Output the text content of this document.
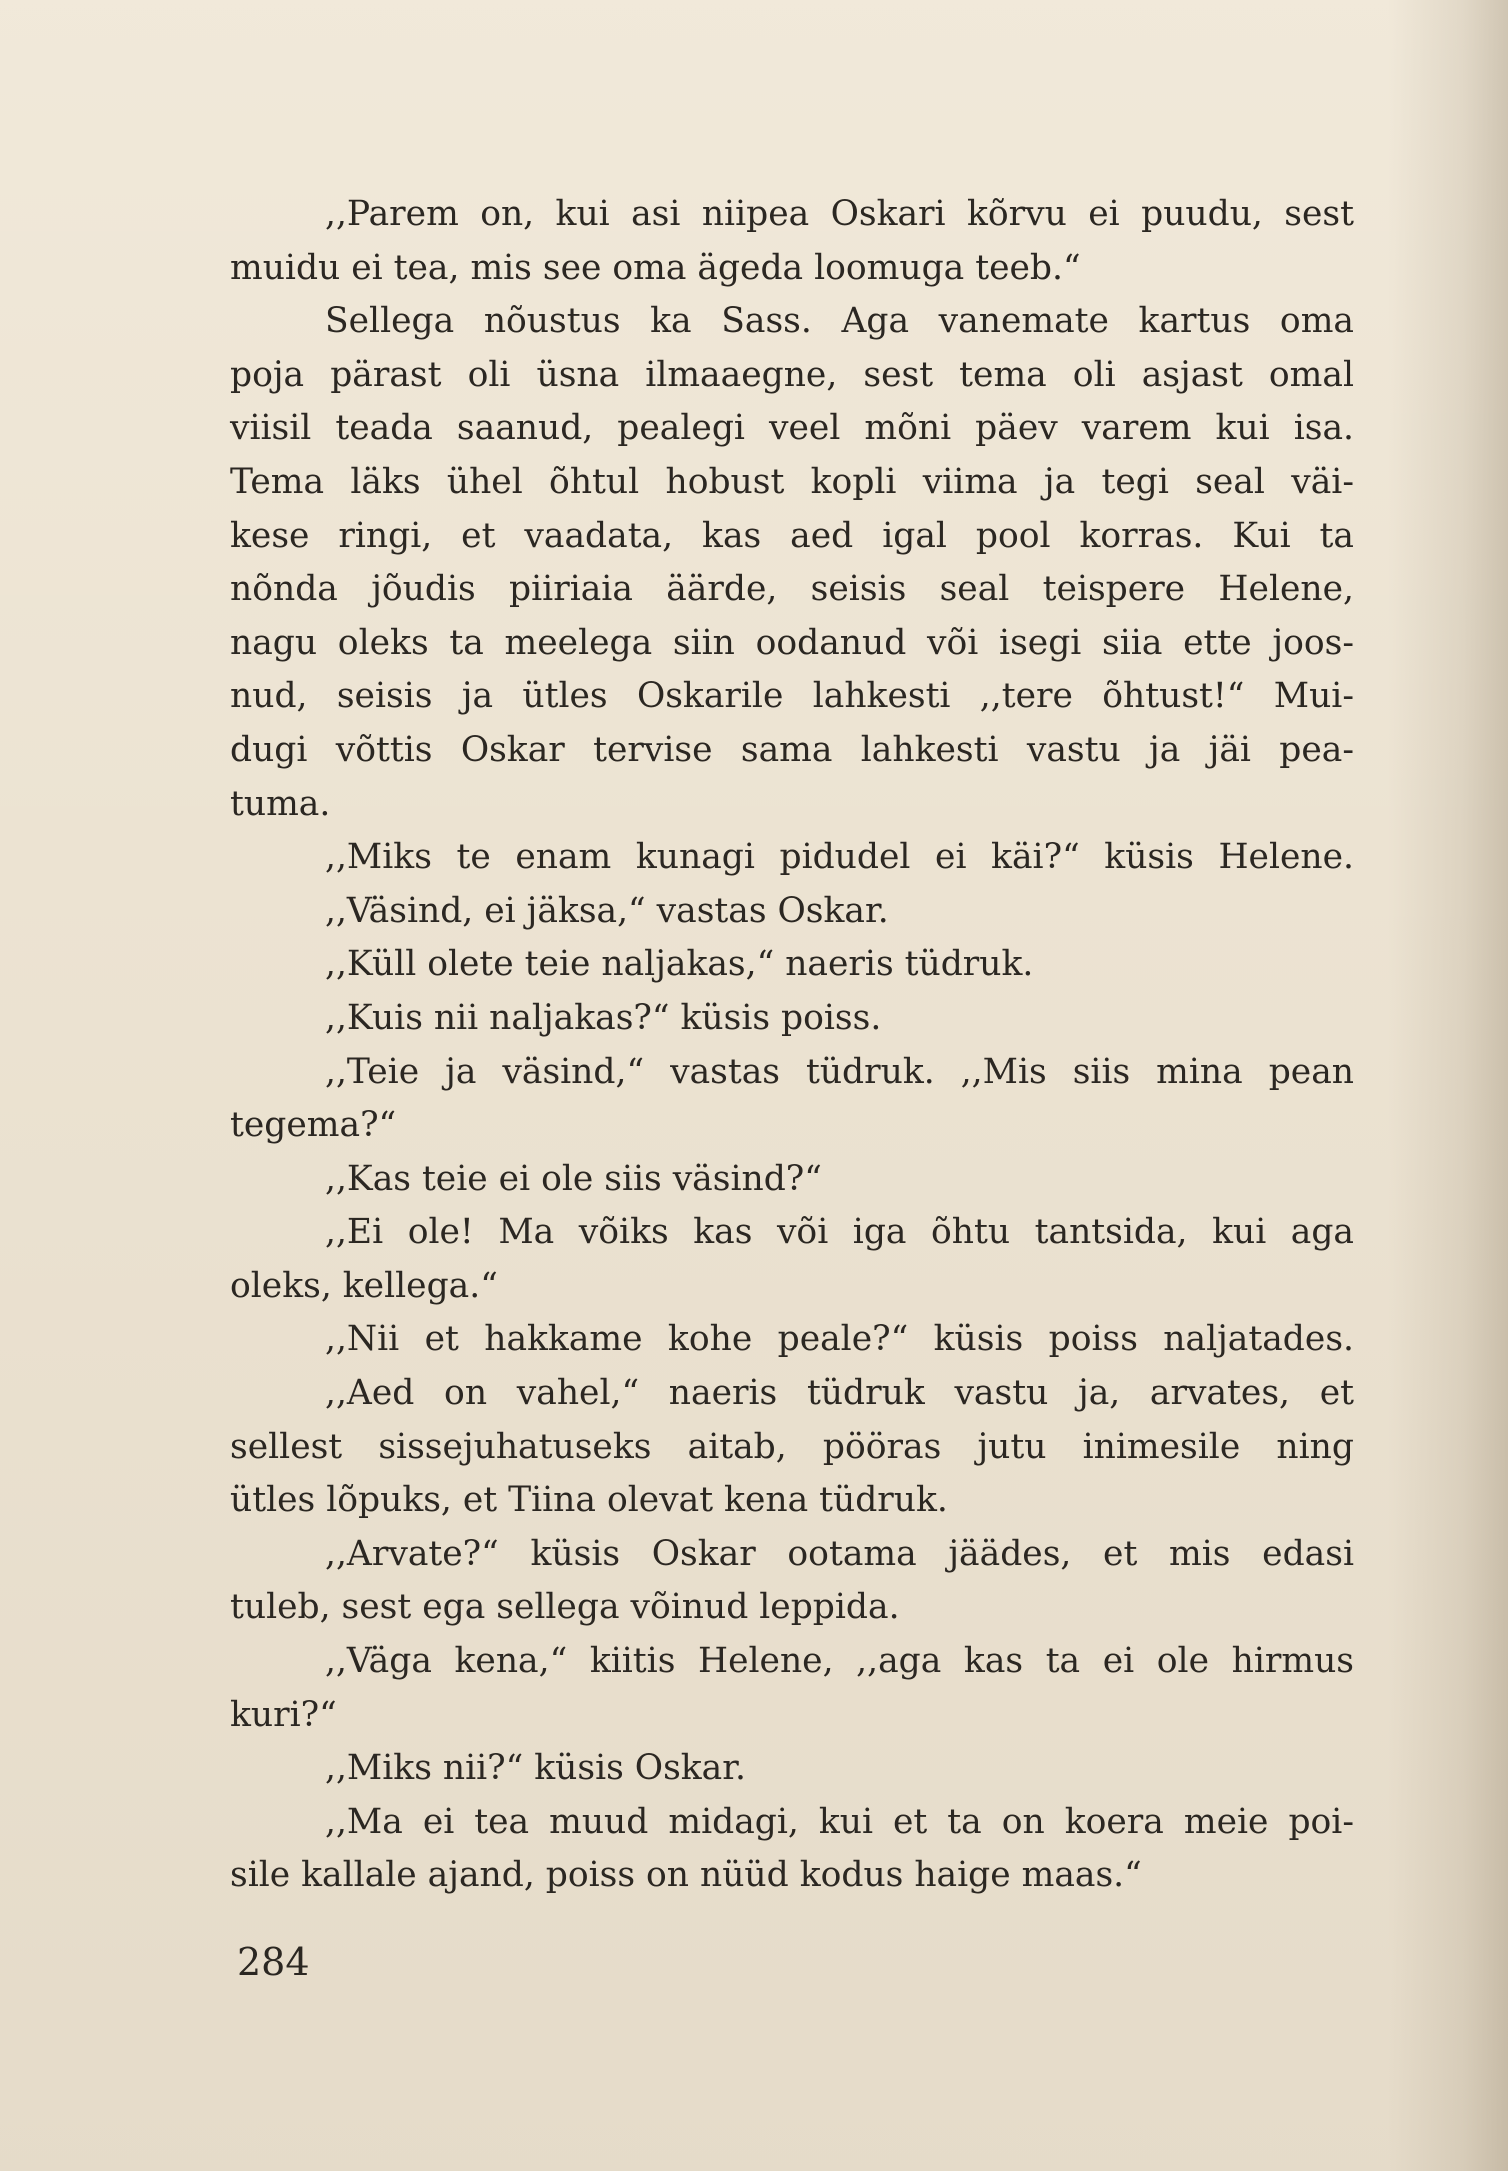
,,Parem on, kui asi niipea Oskari kõrvu ei puudu, sest
muidu ei tea, mis see oma ägeda loomuga teeb.“
Sellega nõustus ka Sass. Aga vanemate kartus oma
poja pärast oli üsna ilmaaegne, sest tema oli asjast omal
viisil teada saanud, pealegi veel mõni päev varem kui isa.
Tema läks ühel õhtul hobust kopli viima ja tegi seal väi-
kese ringi, et vaadata, kas aed igal pool korras. Kui ta
nõnda jõudis piiriaia äärde, seisis seal teispere Helene,
nagu oleks ta meelega siin oodanud või isegi siia ette joos-
nud, seisis ja ütles Oskarile lahkesti ,,tere õhtust!“ Mui-
dugi võttis Oskar tervise sama lahkesti vastu ja jäi pea-
tuma.
,,Miks te enam kunagi pidudel ei käi?“ küsis Helene.
,,Väsind, ei jäksa,“ vastas Oskar.
,,Küll olete teie naljakas,“ naeris tüdruk.
,,Kuis nii naljakas?“ küsis poiss.
,,Teie ja väsind,“ vastas tüdruk. ,,Mis siis mina pean
tegema?“
,,Kas teie ei ole siis väsind?“
,,Ei ole! Ma võiks kas või iga õhtu tantsida, kui aga
oleks, kellega.“
,,Nii et hakkame kohe peale?“ küsis poiss naljatades.
,,Aed on vahel,“ naeris tüdruk vastu ja, arvates, et
sellest sissejuhatuseks aitab, pööras jutu inimesile ning
ütles lõpuks, et Tiina olevat kena tüdruk.
,,Arvate?“ küsis Oskar ootama jäädes, et mis edasi
tuleb, sest ega sellega võinud leppida.
,,Väga kena,“ kiitis Helene, ,,aga kas ta ei ole hirmus
kuri?“
,,Miks nii?“ küsis Oskar.
,,Ma ei tea muud midagi, kui et ta on koera meie poi-
sile kallale ajand, poiss on nüüd kodus haige maas.“
284
